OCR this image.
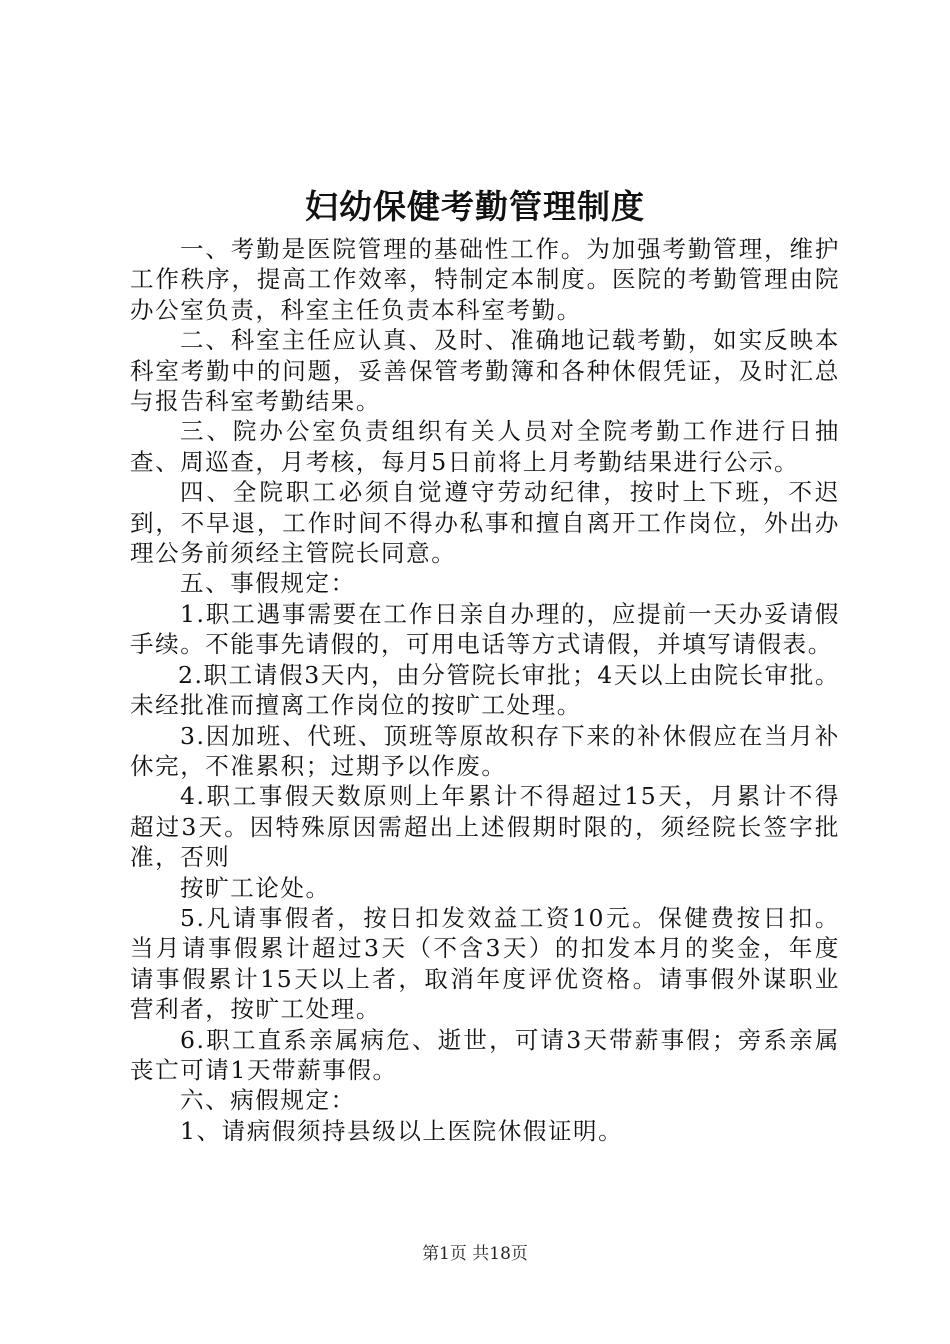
妇幼保健考勤管理制度

一、考勤是医院管理的基础性工作。为加强考勤管理，维护工作秩序，提高工作效率，特制定本制度。医院的考勤管理由院办公室负责，科室主任负责本科室考勤。

二、科室主任应认真、及时、准确地记载考勤，如实反映本科室考勤中的问题，妥善保管考勤簿和各种休假凭证，及时汇总与报告科室考勤结果。

三、院办公室负责组织有关人员对全院考勤工作进行日抽查、周巡查，月考核，每月5日前将上月考勤结果进行公示。

四、全院职工必须自觉遵守劳动纪律，按时上下班，不迟到，不早退，工作时间不得办私事和擅自离开工作岗位，外出办理公务前须经主管院长同意。

五、事假规定：

1.职工遇事需要在工作日亲自办理的，应提前一天办妥请假手续。不能事先请假的，可用电话等方式请假，并填写请假表。

2.职工请假3天内，由分管院长审批；4天以上由院长审批。未经批准而擅离工作岗位的按旷工处理。

3.因加班、代班、顶班等原故积存下来的补休假应在当月补休完，不准累积；过期予以作废。

4.职工事假天数原则上年累计不得超过15天，月累计不得超过3天。因特殊原因需超出上述假期时限的，须经院长签字批准，否则

按旷工论处。

5.凡请事假者，按日扣发效益工资10元。保健费按日扣。当月请事假累计超过3天（不含3天）的扣发本月的奖金，年度请事假累计15天以上者，取消年度评优资格。请事假外谋职业营利者，按旷工处理。

6.职工直系亲属病危、逝世，可请3天带薪事假；旁系亲属丧亡可请1天带薪事假。

六、病假规定：

1、请病假须持县级以上医院休假证明。

第1页 共18页
